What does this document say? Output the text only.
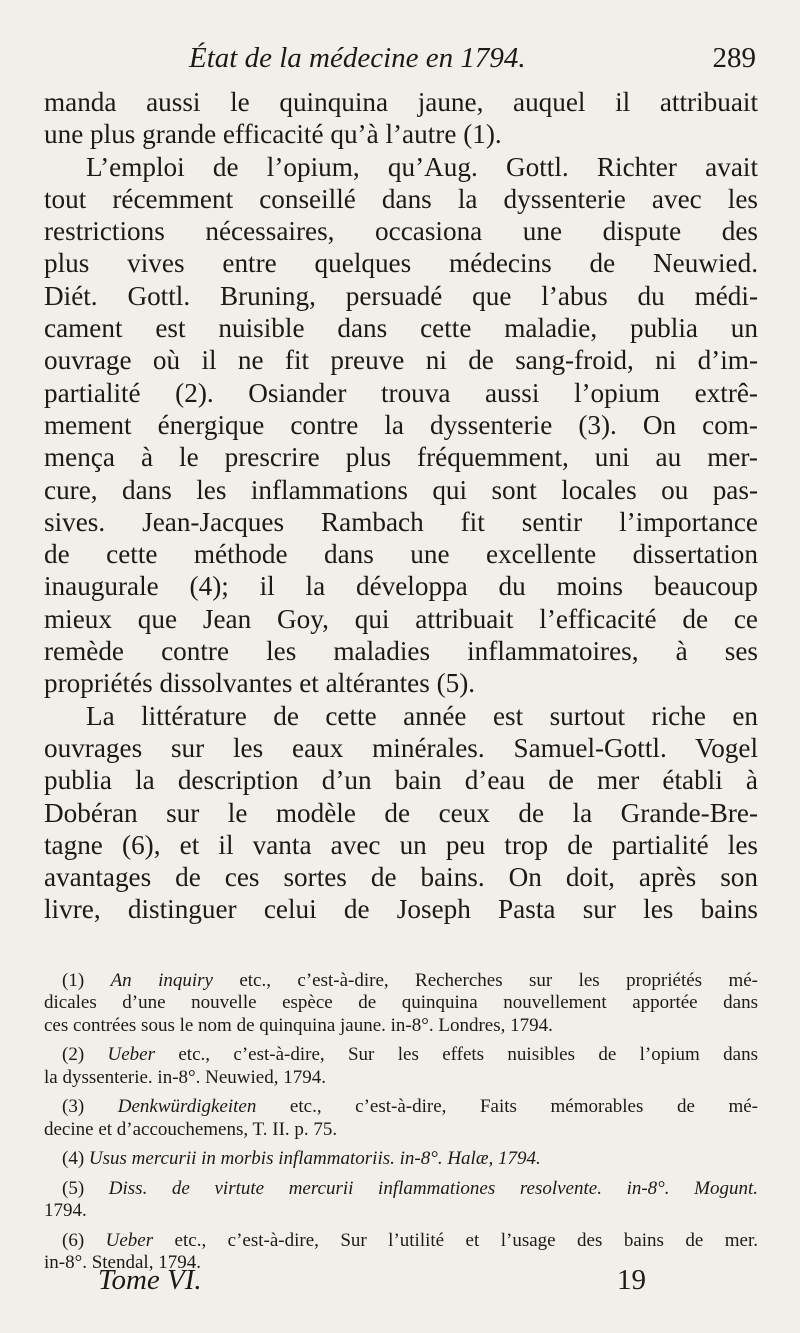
État de la médecine en 1794.	289
manda aussi le quinquina jaune, auquel il attribuait
une plus grande efficacité qu’à l’autre (1).
L’emploi de l’opium, qu’Aug. Gottl. Richter avait
tout récemment conseillé dans la dyssenterie avec les
restrictions nécessaires, occasiona une dispute des
plus vives entre quelques médecins de Neuwied.
Diét. Gottl. Bruning, persuadé que l’abus du médi-
cament est nuisible dans cette maladie, publia un
ouvrage où il ne fit preuve ni de sang-froid, ni d’im-
partialité (2). Osiander trouva aussi l’opium extrê-
mement énergique contre la dyssenterie (3). On com-
mença à le prescrire plus fréquemment, uni au mer-
cure, dans les inflammations qui sont locales ou pas-
sives. Jean-Jacques Rambach fit sentir l’importance
de cette méthode dans une excellente dissertation
inaugurale (4); il la développa du moins beaucoup
mieux que Jean Goy, qui attribuait l’efficacité de ce
remède contre les maladies inflammatoires, à ses
propriétés dissolvantes et altérantes (5).
La littérature de cette année est surtout riche en
ouvrages sur les eaux minérales. Samuel-Gottl. Vogel
publia la description d’un bain d’eau de mer établi à
Dobéran sur le modèle de ceux de la Grande-Bre-
tagne (6), et il vanta avec un peu trop de partialité les
avantages de ces sortes de bains. On doit, après son
livre, distinguer celui de Joseph Pasta sur les bains
(1) An inquiry etc., c’est-à-dire, Recherches sur les propriétés mé-
dicales d’une nouvelle espèce de quinquina nouvellement apportée dans
ces contrées sous le nom de quinquina jaune. in-8°. Londres, 1794.
(2) Ueber etc., c’est-à-dire, Sur les effets nuisibles de l’opium dans
la dyssenterie. in-8°. Neuwied, 1794.
(3) Denkwürdigkeiten etc., c’est-à-dire, Faits mémorables de mé-
decine et d’accouchemens, T. II. p. 75.
(4) Usus mercurii in morbis inflammatoriis. in-8°. Halæ, 1794.
(5) Diss. de virtute mercurii inflammationes resolvente. in-8°. Mogunt.
1794.
(6) Ueber etc., c’est-à-dire, Sur l’utilité et l’usage des bains de mer.
in-8°. Stendal, 1794.
Tome VI.	19
